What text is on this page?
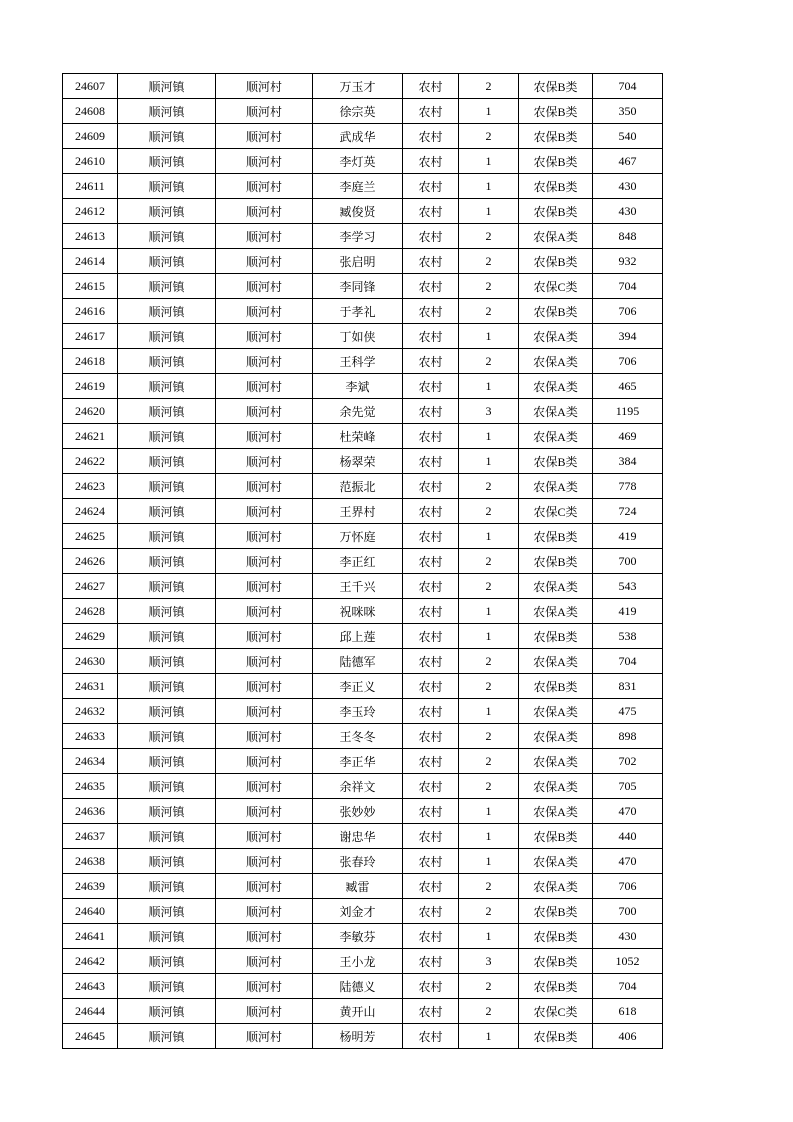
24607	顺河镇	顺河村	万玉才	农村	2	农保B类	704
24608	顺河镇	顺河村	徐宗英	农村	1	农保B类	350
24609	顺河镇	顺河村	武成华	农村	2	农保B类	540
24610	顺河镇	顺河村	李灯英	农村	1	农保B类	467
24611	顺河镇	顺河村	李庭兰	农村	1	农保B类	430
24612	顺河镇	顺河村	臧俊贤	农村	1	农保B类	430
24613	顺河镇	顺河村	李学习	农村	2	农保A类	848
24614	顺河镇	顺河村	张启明	农村	2	农保B类	932
24615	顺河镇	顺河村	李同锋	农村	2	农保C类	704
24616	顺河镇	顺河村	于孝礼	农村	2	农保B类	706
24617	顺河镇	顺河村	丁如侠	农村	1	农保A类	394
24618	顺河镇	顺河村	王科学	农村	2	农保A类	706
24619	顺河镇	顺河村	李斌	农村	1	农保A类	465
24620	顺河镇	顺河村	余先觉	农村	3	农保A类	1195
24621	顺河镇	顺河村	杜荣峰	农村	1	农保A类	469
24622	顺河镇	顺河村	杨翠荣	农村	1	农保B类	384
24623	顺河镇	顺河村	范振北	农村	2	农保A类	778
24624	顺河镇	顺河村	王界村	农村	2	农保C类	724
24625	顺河镇	顺河村	万怀庭	农村	1	农保B类	419
24626	顺河镇	顺河村	李正红	农村	2	农保B类	700
24627	顺河镇	顺河村	王千兴	农村	2	农保A类	543
24628	顺河镇	顺河村	祝咪咪	农村	1	农保A类	419
24629	顺河镇	顺河村	邱上莲	农村	1	农保B类	538
24630	顺河镇	顺河村	陆德军	农村	2	农保A类	704
24631	顺河镇	顺河村	李正义	农村	2	农保B类	831
24632	顺河镇	顺河村	李玉玲	农村	1	农保A类	475
24633	顺河镇	顺河村	王冬冬	农村	2	农保A类	898
24634	顺河镇	顺河村	李正华	农村	2	农保A类	702
24635	顺河镇	顺河村	余祥文	农村	2	农保A类	705
24636	顺河镇	顺河村	张妙妙	农村	1	农保A类	470
24637	顺河镇	顺河村	谢忠华	农村	1	农保B类	440
24638	顺河镇	顺河村	张春玲	农村	1	农保A类	470
24639	顺河镇	顺河村	臧雷	农村	2	农保A类	706
24640	顺河镇	顺河村	刘金才	农村	2	农保B类	700
24641	顺河镇	顺河村	李敏芬	农村	1	农保B类	430
24642	顺河镇	顺河村	王小龙	农村	3	农保B类	1052
24643	顺河镇	顺河村	陆德义	农村	2	农保B类	704
24644	顺河镇	顺河村	黄开山	农村	2	农保C类	618
24645	顺河镇	顺河村	杨明芳	农村	1	农保B类	406
